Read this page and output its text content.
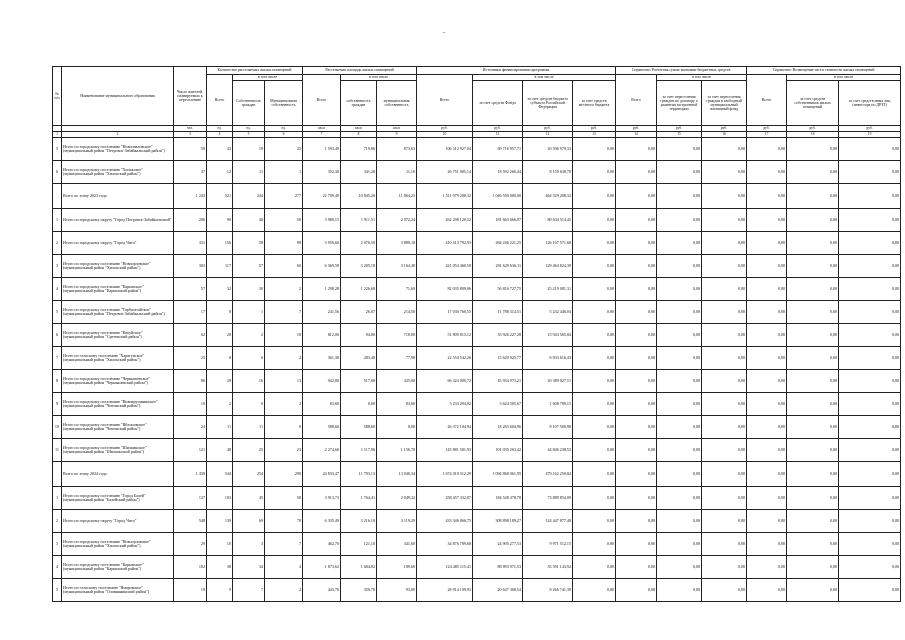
-
№ п/п	Наименование муниципального образования	Число жителей, планируемых к переселению	Количество расселяемых жилых помещений			Расселяемая площадь жилых помещений			Источники финансирования программы				Справочно: Расчетная сумма экономии бюджетных средств			Справочно: Возмещение части стоимости жилых помещений		
			Всего	в том числе		Всего	в том числе		Всего	в том числе			Всего	в том числе		Всего	в том числе	
				Собственность граждан	Муниципальная собственность		собственность граждан	муниципальная собственность		за счет средств Фонда	за счет средств бюджета субъекта Российской Федерации	за счет средств местного бюджета		за счет переселения граждан по договору о развитии застроенной территории	за счет переселения граждан в свободный муниципальный жилищный фонд		за счет средств собственников жилых помещений	за счет средств иных лиц (инвестора по ДРЗТ)
		чел.	ед.	ед.	ед.	кв.м	кв.м	кв.м	руб.	руб.	руб.	руб.	руб.	руб.	руб.	руб.	руб.	руб.
1	2	3	4	5	6	7	8	9	10	11	12	13	14	15	16	17	18	19
5	Итого по городскому поселению "Новопавловское" (муниципальный район "Петровск-Забайкальский район")	59	43	18	25	1 593,49	719,86	873,63	106 312 927,04	69 716 957,71	20 596 979,33	0,00	0,00	0,00	0,00	0,00	0,00	0,00
6	Итого по городскому поселению "Хилокское" (муниципальный район "Хилокский район")	37	12	11	1	352,30	341,20	11,10	26 751 905,14	18 592 266,44	8 159 638,70	0,00	0,00	0,00	0,00	0,00	0,00	0,00
	Всего по этапу 2023 года	1 243	521	244	277	22 709,49	10 845,26	11 864,23	1 511 079 208,32	1 046 550 000,00	464 529 208,32	0,00	0,00	0,00	0,00	0,00	0,00	0,00
1	Итого по городскому округу "Город Петровск-Забайкальский"	206	90	40	50	3 980,15	1 911,51	2 072,24	262 298 120,52	181 663 666,07	80 634 514,45	0,00	0,00	0,00	0,00	0,00	0,00	0,00
2	Итого по городскому округу "Город Чита"	331	156	58	98	5 956,60	2 076,50	3 880,10	410 413 792,93	284 246 221,25	126 167 571,68	0,00	0,00	0,00	0,00	0,00	0,00	0,00
3	Итого по городскому поселению "Новоорловское" (муниципальный район "Хилокский район")	303	117	57	60	6 369,58	3 205,18	3 164,40	421 054 460,50	291 629 636,11	129 464 824,39	0,00	0,00	0,00	0,00	0,00	0,00	0,00
4	Итого по городскому поселению "Карымское" (муниципальный район "Карымский район")	57	32	30	2	1 298,28	1 226,68	71,60	82 035 809,06	56 816 727,75	25 219 081,31	0,00	0,00	0,00	0,00	0,00	0,00	0,00
5	Итого по городскому поселению "Тарбагатайское" (муниципальный район "Петровск-Забайкальский район")	17	8	1	7	241,56	26,07	214,50	17 030 760,55	11 788 314,51	5 232 446,04	0,00	0,00	0,00	0,00	0,00	0,00	0,00
6	Итого по городскому поселению "Кокуйское" (муниципальный район "Сретенский район")	62	20	2	18	812,00	94,00	718,00	51 809 813,12	35 926 227,28	15 943 565,84	0,00	0,00	0,00	0,00	0,00	0,00	0,00
7	Итого по сельскому поселению "Харагунское" (муниципальный район "Хилокский район")	25	8	6	2	361,30	283,40	77,90	22 554 542,26	15 620 925,77	6 933 616,43	0,00	0,00	0,00	0,00	0,00	0,00	0,00
8	Итого по городскому поселению "Чернышевское" (муниципальный район "Чернышевский район")	86	29	16	13	942,00	517,00	425,00	66 324 000,72	45 934 973,21	20 389 027,51	0,00	0,00	0,00	0,00	0,00	0,00	0,00
9	Итого по городскому поселению "Новокручининское" (муниципальный район "Читинский район")	10	2	0	2	83,60	0,00	83,60	5 233 294,82	3 624 505,67	1 608 789,15	0,00	0,00	0,00	0,00	0,00	0,00	0,00
10	Итого по городскому поселению "Яблоновское" (муниципальный район "Читинский район")	24	11	11	0	588,60	588,60	0,00	26 372 104,94	18 265 604,96	8 107 500,98	0,00	0,00	0,00	0,00	0,00	0,00	0,00
11	Итого по городскому поселению "Шилкинское" (муниципальный район "Шилкинский район")	121	48	25	23	2 274,66	1 117,96	1 156,70	145 881 501,93	101 035 263,42	44 846 238,53	0,00	0,00	0,00	0,00	0,00	0,00	0,00
	Всего по этапу 2024 года	1 439	544	254	290	24 833,47	11 793,13	13 040,34	1 674 010 312,29	1 094 868 061,95	479 162 250,84	0,00	0,00	0,00	0,00	0,00	0,00	0,00
1	Итого по городскому поселению "Город Балей" (муниципальный район "Балейский район")	137	103	45	58	3 913,73	1 764,41	2 049,32	258 457 332,87	184 548 478,78	73 889 854,09	0,00	0,00	0,00	0,00	0,00	0,00	0,00
2	Итого по городскому округу "Город Чита"	548	139	69	70	6 335,49	3 216,10	3 119,29	433 346 066,75	308 898 189,27	124 447 877,48	0,00	0,00	0,00	0,00	0,00	0,00	0,00
3	Итого по городскому поселению "Новоорловское" (муниципальный район "Хилокский район")	29	10	3	7	462,70	121,10	341,60	34 876 789,68	24 905 277,53	9 971 512,15	0,00	0,00	0,00	0,00	0,00	0,00	0,00
4	Итого по городскому поселению "Карымское" (муниципальный район "Карымский район")	102	38	34	4	1 873,62	1 684,02	189,60	124 485 115,41	88 893 971,53	35 591 143,92	0,00	0,00	0,00	0,00	0,00	0,00	0,00
5	Итого по сельскому поселению "Ямаровское" (муниципальный район "Оловяннинский район")	19	9	7	2	443,70	350,70	93,00	28 914 109,93	20 647 368,54	8 266 741,39	0,00	0,00	0,00	0,00	0,00	0,00	0,00
